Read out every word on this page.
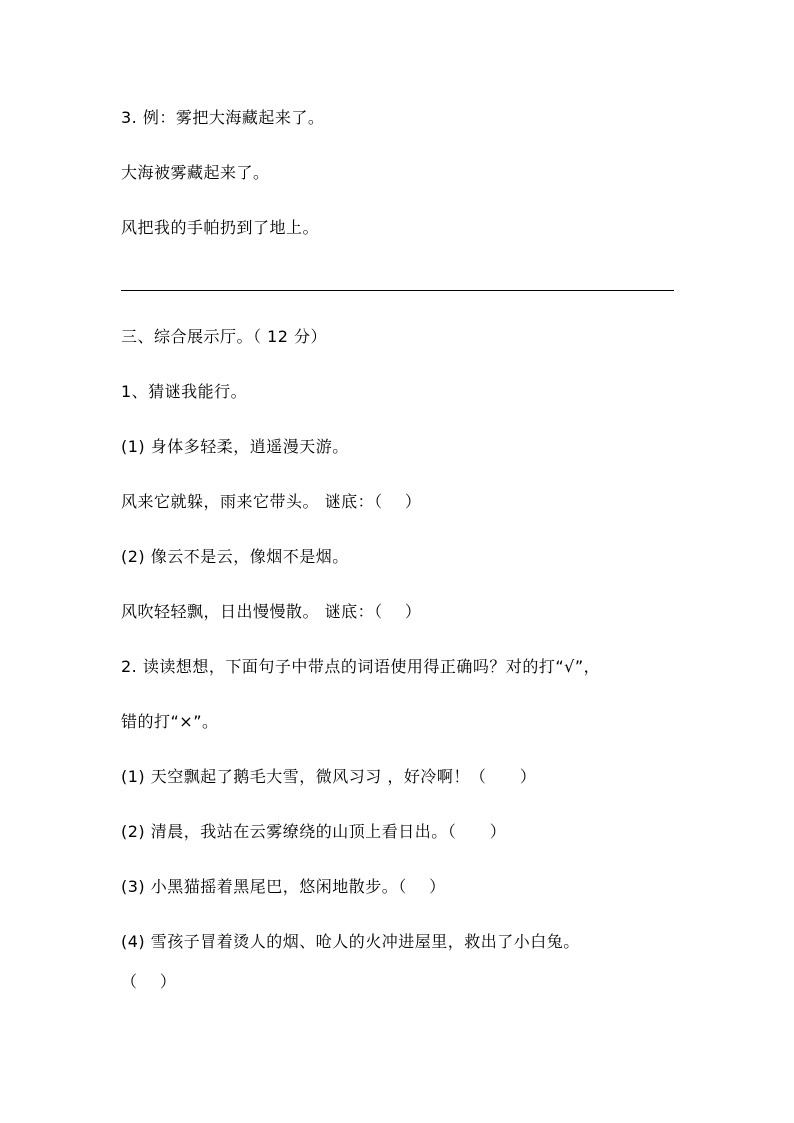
3. 例：雾把大海藏起来了。
大海被雾藏起来了。
风把我的手帕扔到了地上。
三、综合展示厅。（ 12 分）
1、猜谜我能行。
(1) 身体多轻柔，逍遥漫天游。
风来它就躲，雨来它带头。 谜底：（    ）
(2) 像云不是云，像烟不是烟。
风吹轻轻飘，日出慢慢散。 谜底：（    ）
2. 读读想想，下面句子中带点的词语使用得正确吗？对的打“√”，
错的打“×”。
(1) 天空飘起了鹅毛大雪，微风习习 ，好冷啊！（      ）
(2) 清晨，我站在云雾缭绕的山顶上看日出。（      ）
(3) 小黑猫摇着黑尾巴，悠闲地散步。（    ）
(4) 雪孩子冒着烫人的烟、呛人的火冲进屋里，救出了小白兔。
（    ）
